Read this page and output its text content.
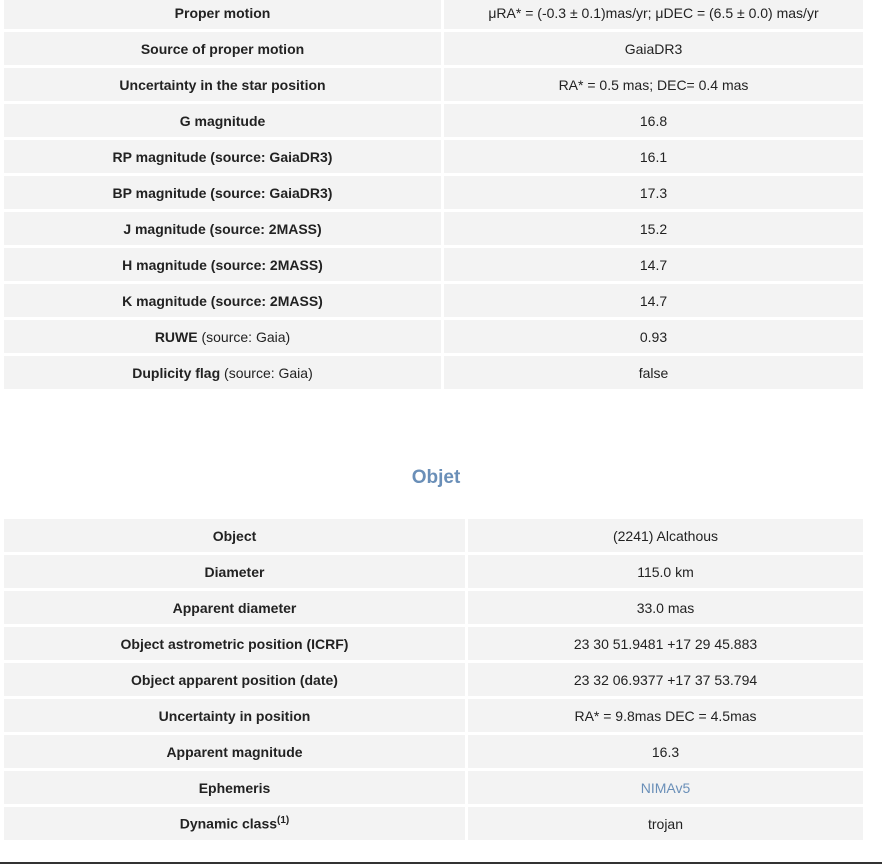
Proper motion	μRA* = (-0.3 ± 0.1)mas/yr; μDEC = (6.5 ± 0.0) mas/yr
Source of proper motion	GaiaDR3
Uncertainty in the star position	RA* = 0.5 mas; DEC= 0.4 mas
G magnitude	16.8
RP magnitude (source: GaiaDR3)	16.1
BP magnitude (source: GaiaDR3)	17.3
J magnitude (source: 2MASS)	15.2
H magnitude (source: 2MASS)	14.7
K magnitude (source: 2MASS)	14.7
RUWE (source: Gaia)	0.93
Duplicity flag (source: Gaia)	false
Objet
Object	(2241) Alcathous
Diameter	115.0 km
Apparent diameter	33.0 mas
Object astrometric position (ICRF)	23 30 51.9481 +17 29 45.883
Object apparent position (date)	23 32 06.9377 +17 37 53.794
Uncertainty in position	RA* = 9.8mas DEC = 4.5mas
Apparent magnitude	16.3
Ephemeris	NIMAv5
Dynamic class$^{(1)}$	trojan
